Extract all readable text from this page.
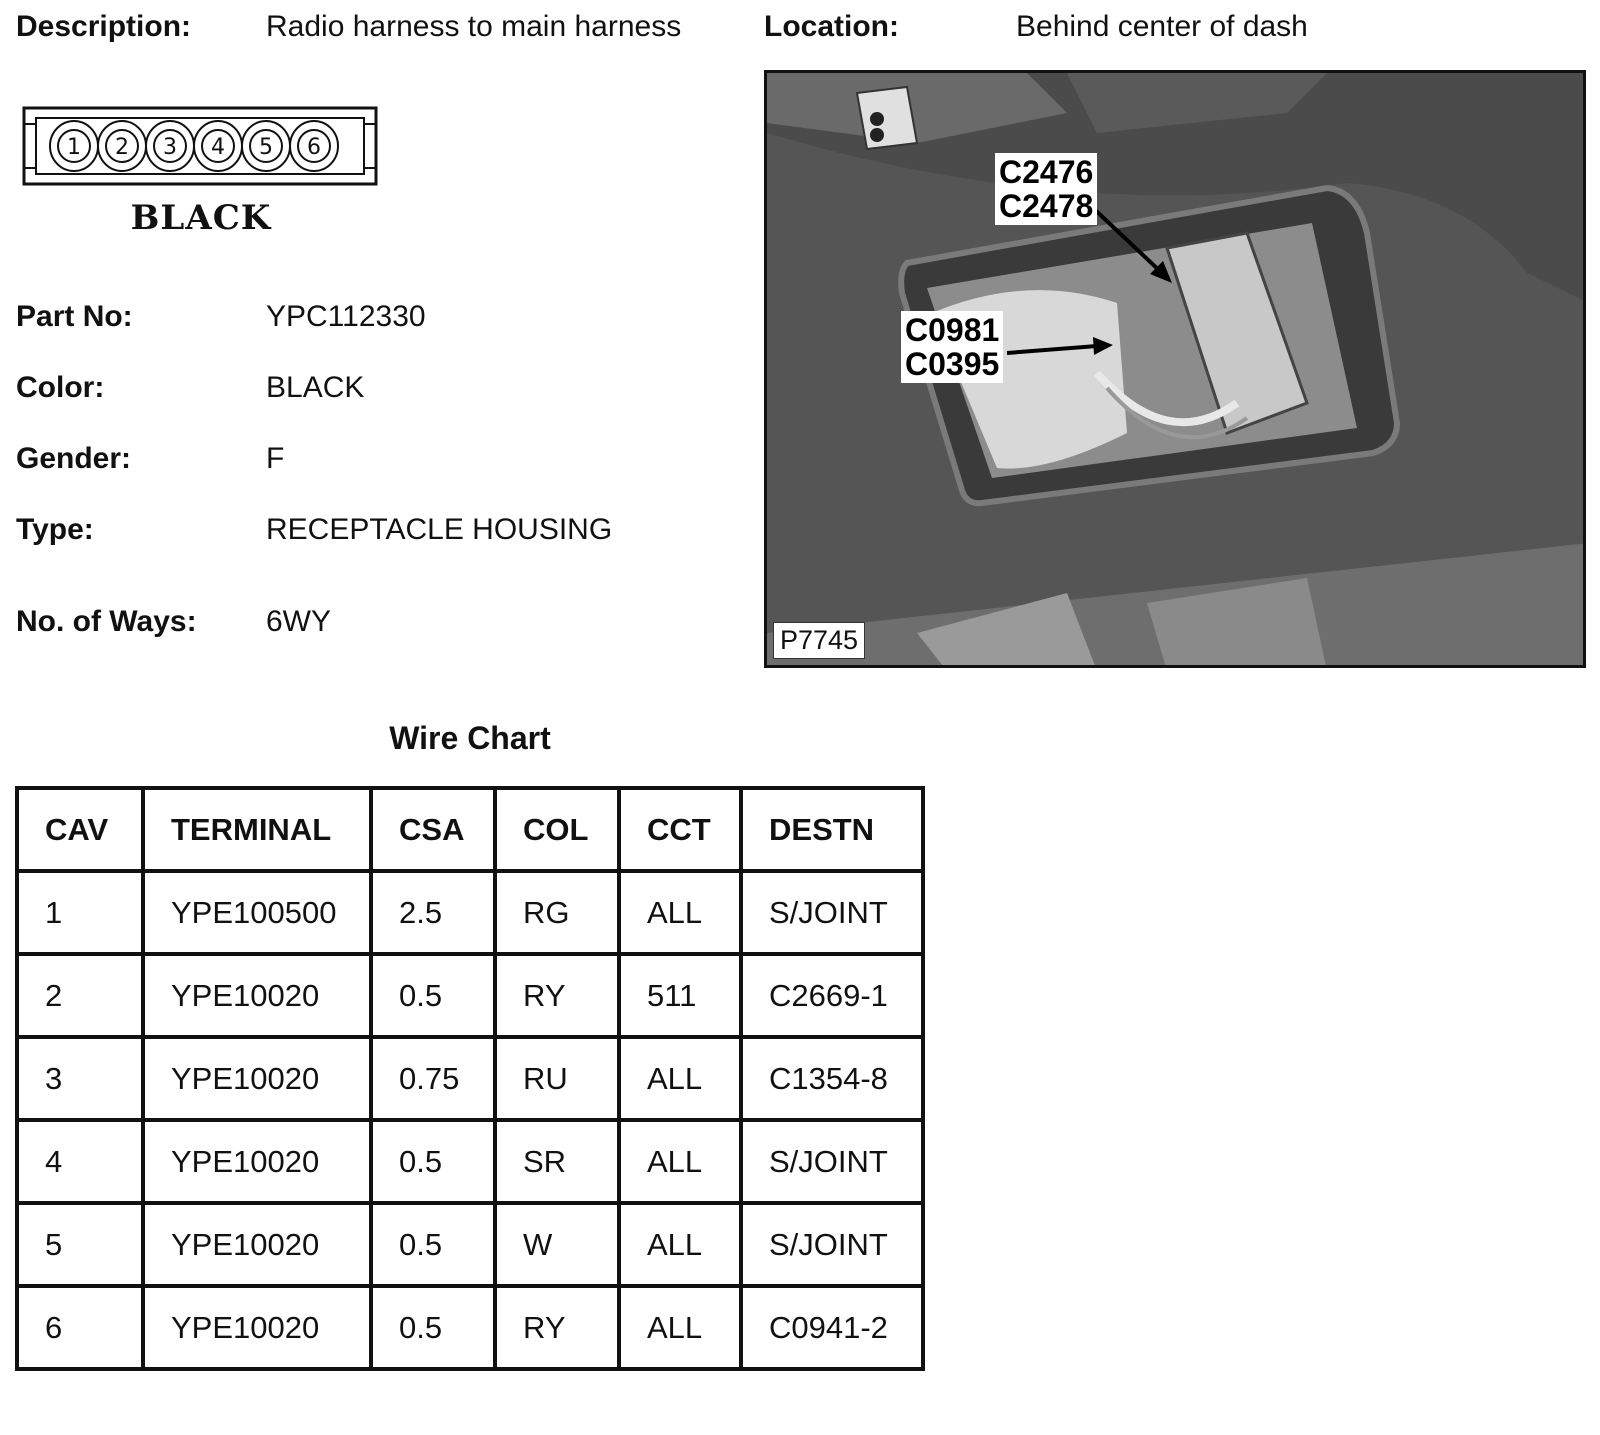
Description: Radio harness to main harness	Location:	Behind center of dash
1 2 3 4 5 6
BLACK
Part No:	YPC112330
Color:	BLACK
Gender:	F
Type:	RECEPTACLE HOUSING
No. of Ways: 6WY
C2476
C2478
C0981
C0395
P7745
Wire Chart
CAV	TERMINAL	CSA	COL	CCT	DESTN
1	YPE100500	2.5	RG	ALL	S/JOINT
2	YPE10020	0.5	RY	511	C2669-1
3	YPE10020	0.75	RU	ALL	C1354-8
4	YPE10020	0.5	SR	ALL	S/JOINT
5	YPE10020	0.5	W	ALL	S/JOINT
6	YPE10020	0.5	RY	ALL	C0941-2
